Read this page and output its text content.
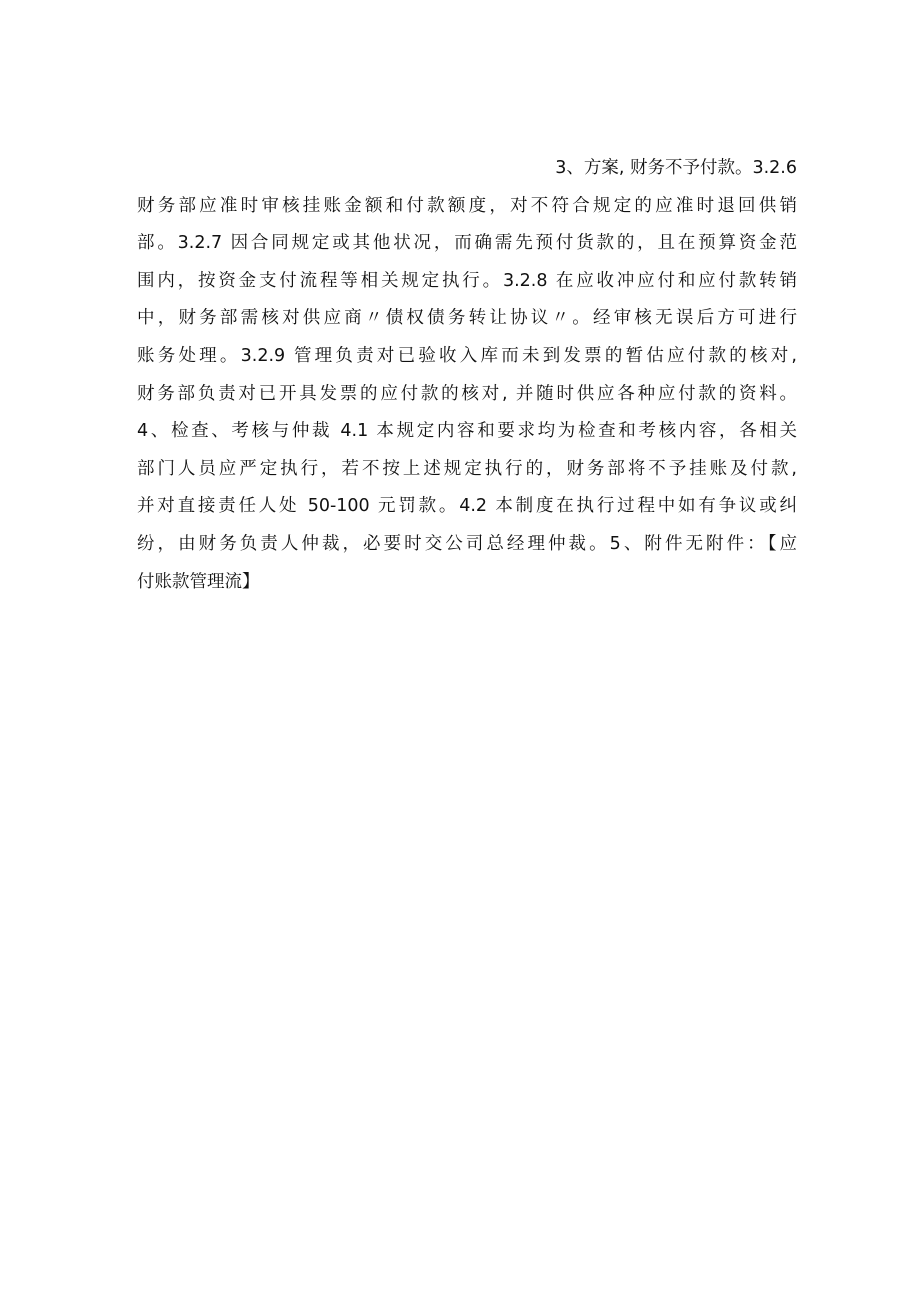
3、方案, 财务不予付款。3.2.6
财务部应准时审核挂账金额和付款额度，对不符合规定的应准时退回供销
部。3.2.7 因合同规定或其他状况，而确需先预付货款的，且在预算资金范
围内，按资金支付流程等相关规定执行。3.2.8 在应收冲应付和应付款转销
中，财务部需核对供应商〃债权债务转让协议〃。经审核无误后方可进行
账务处理。3.2.9 管理负责对已验收入库而未到发票的暂估应付款的核对,
财务部负责对已开具发票的应付款的核对, 并随时供应各种应付款的资料。
4、检查、考核与仲裁 4.1 本规定内容和要求均为检查和考核内容，各相关
部门人员应严定执行，若不按上述规定执行的，财务部将不予挂账及付款,
并对直接责任人处 50-100 元罚款。4.2 本制度在执行过程中如有争议或纠
纷，由财务负责人仲裁，必要时交公司总经理仲裁。5、附件无附件：【应
付账款管理流】
